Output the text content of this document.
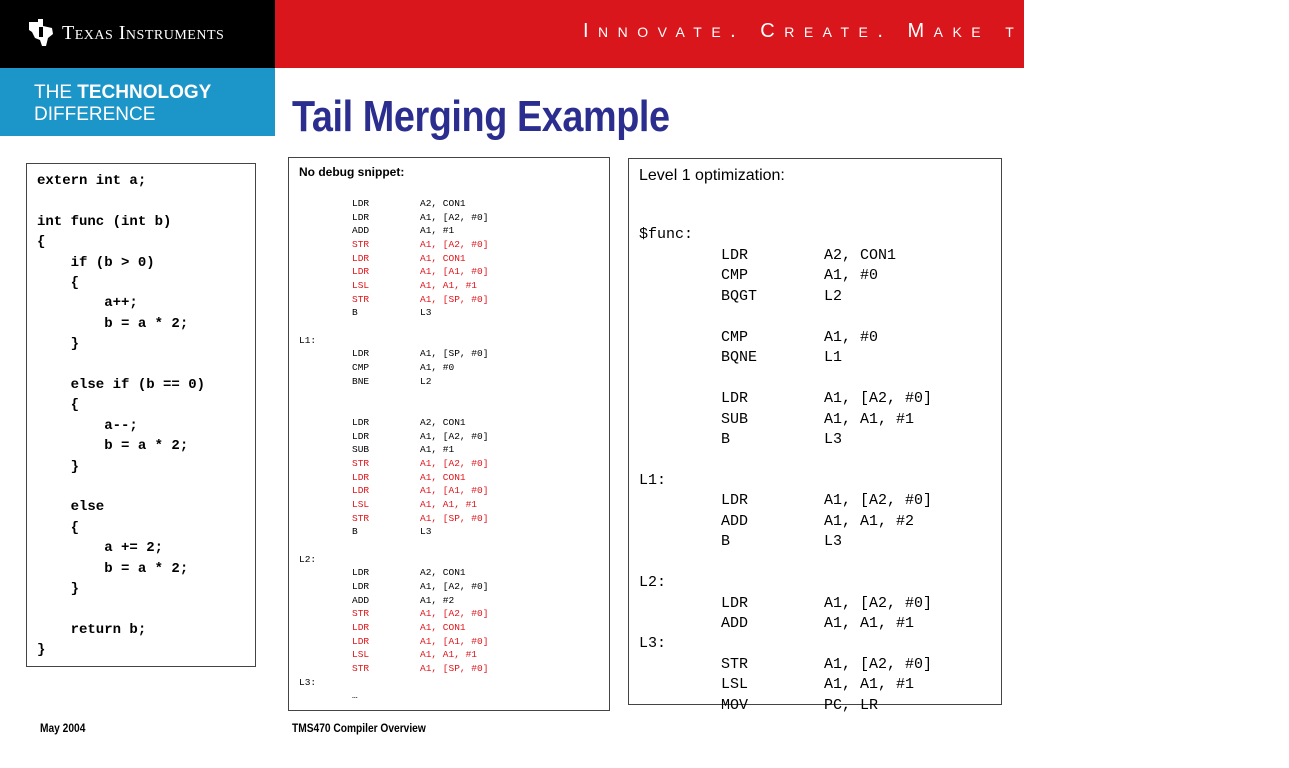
Texas Instruments	Innovate. Create. Make the Difference.™
THE TECHNOLOGY
DIFFERENCE	Tail Merging Example
extern int a;
int func (int b)
{
if (b > 0)
{
a++;
b = a * 2;
}
else if (b == 0)
{
a--;
b = a * 2;
}
else
{
a += 2;
b = a * 2;
}
return b;
}
No debug snippet:
LDR	A2, CON1
LDR	A1, [A2, #0]
ADD	A1, #1
STR	A1, [A2, #0]
LDR	A1, CON1
LDR	A1, [A1, #0]
LSL	A1, A1, #1
STR	A1, [SP, #0]
B	L3
L1:
LDR	A1, [SP, #0]
CMP	A1, #0
BNE	L2
LDR	A2, CON1
LDR	A1, [A2, #0]
SUB	A1, #1
STR	A1, [A2, #0]
LDR	A1, CON1
LDR	A1, [A1, #0]
LSL	A1, A1, #1
STR	A1, [SP, #0]
B	L3
L2:
LDR	A2, CON1
LDR	A1, [A2, #0]
ADD	A1, #2
STR	A1, [A2, #0]
LDR	A1, CON1
LDR	A1, [A1, #0]
LSL	A1, A1, #1
STR	A1, [SP, #0]
L3:
…
Level 1 optimization:
$func:
LDR	A2, CON1
CMP	A1, #0
BQGT	L2
CMP	A1, #0
BQNE	L1
LDR	A1, [A2, #0]
SUB	A1, A1, #1
B	L3
L1:
LDR	A1, [A2, #0]
ADD	A1, A1, #2
B	L3
L2:
LDR	A1, [A2, #0]
ADD	A1, A1, #1
L3:
STR	A1, [A2, #0]
LSL	A1, A1, #1
MOV	PC, LR
May 2004	TMS470 Compiler Overview
